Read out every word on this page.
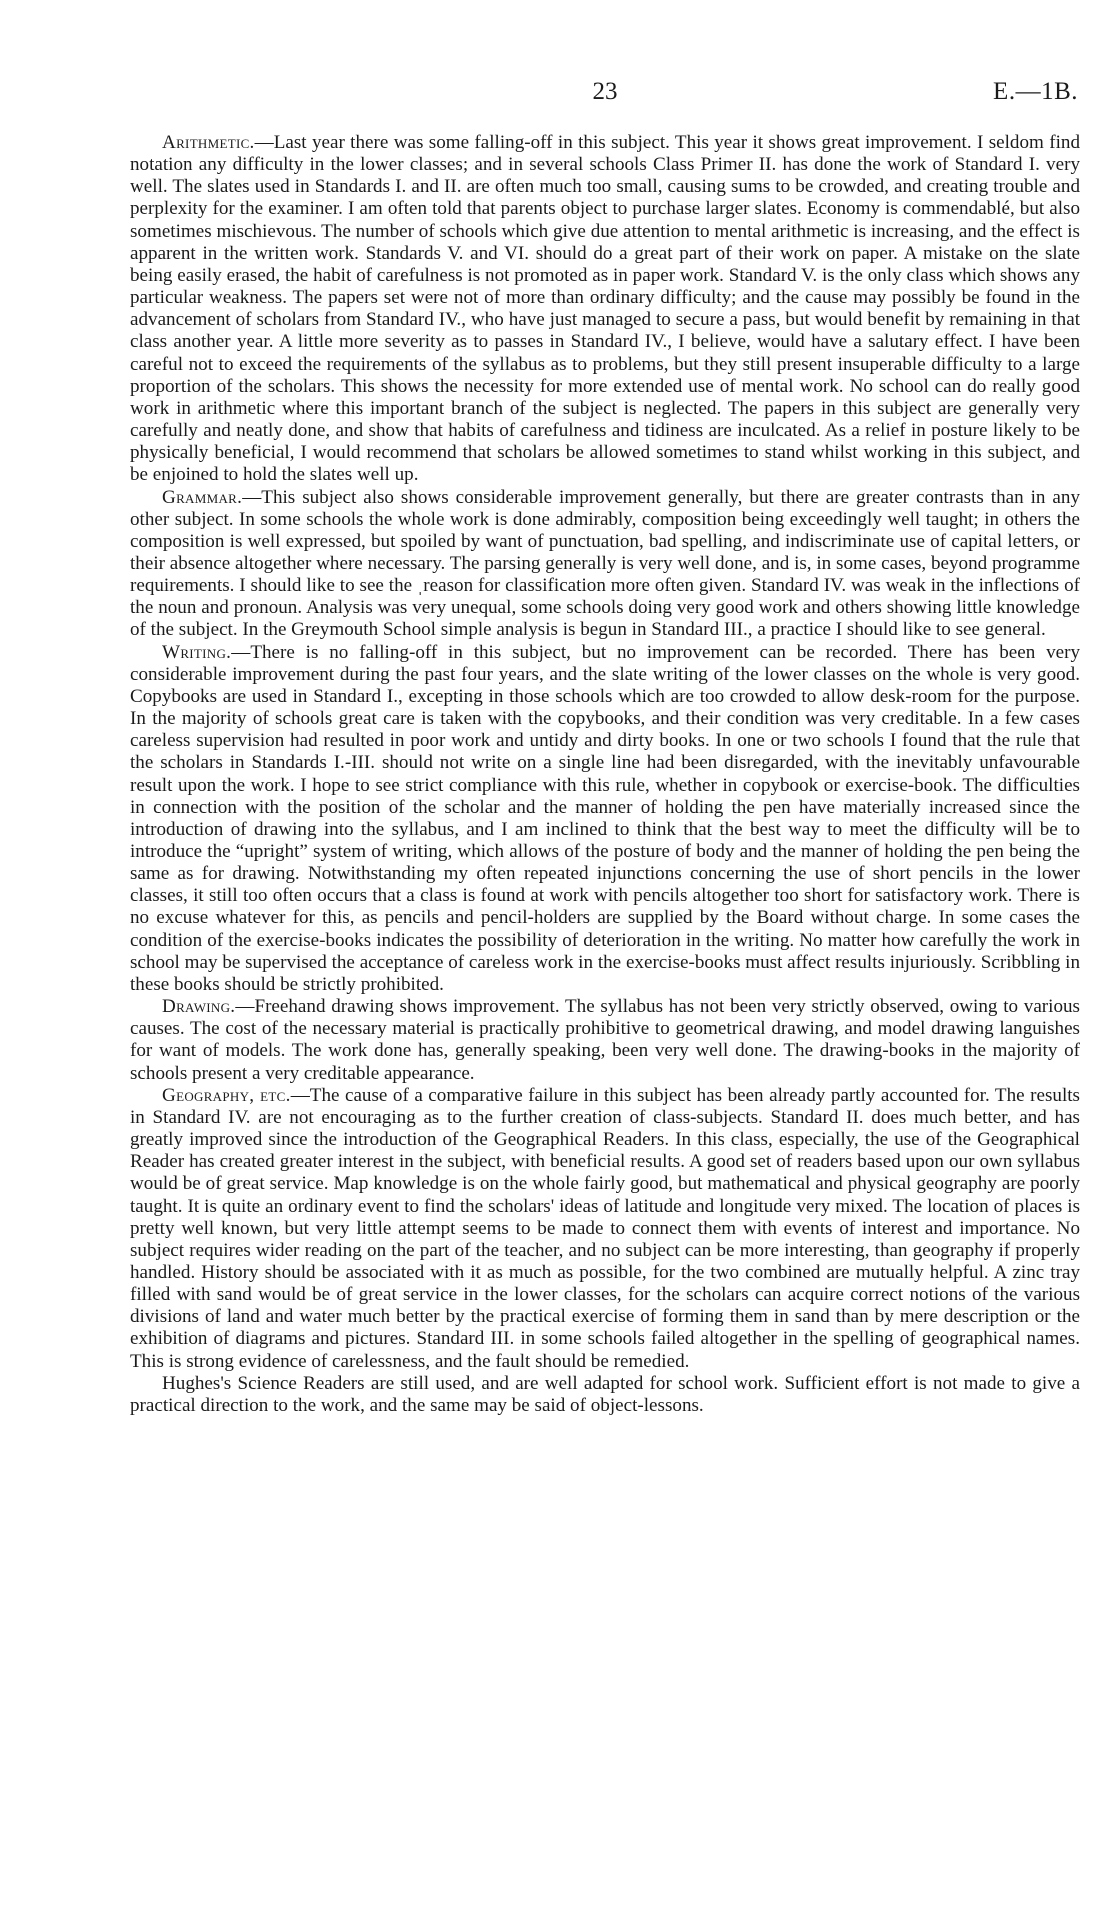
23	E.—1B.

Arithmetic.—Last year there was some falling-off in this subject. This year it shows great improvement. I seldom find notation any difficulty in the lower classes; and in several schools Class Primer II. has done the work of Standard I. very well. The slates used in Standards I. and II. are often much too small, causing sums to be crowded, and creating trouble and perplexity for the examiner. I am often told that parents object to purchase larger slates. Economy is commendablé, but also sometimes mischievous. The number of schools which give due attention to mental arithmetic is increasing, and the effect is apparent in the written work. Standards V. and VI. should do a great part of their work on paper. A mistake on the slate being easily erased, the habit of carefulness is not promoted as in paper work. Standard V. is the only class which shows any particular weakness. The papers set were not of more than ordinary difficulty; and the cause may possibly be found in the advancement of scholars from Standard IV., who have just managed to secure a pass, but would benefit by remaining in that class another year. A little more severity as to passes in Standard IV., I believe, would have a salutary effect. I have been careful not to exceed the requirements of the syllabus as to problems, but they still present insuperable difficulty to a large proportion of the scholars. This shows the necessity for more extended use of mental work. No school can do really good work in arithmetic where this important branch of the subject is neglected. The papers in this subject are generally very carefully and neatly done, and show that habits of carefulness and tidiness are inculcated. As a relief in posture likely to be physically beneficial, I would recommend that scholars be allowed sometimes to stand whilst working in this subject, and be enjoined to hold the slates well up.

Grammar.—This subject also shows considerable improvement generally, but there are greater contrasts than in any other subject. In some schools the whole work is done admirably, composition being exceedingly well taught; in others the composition is well expressed, but spoiled by want of punctuation, bad spelling, and indiscriminate use of capital letters, or their absence altogether where necessary. The parsing generally is very well done, and is, in some cases, beyond programme requirements. I should like to see the ˌreason for classification more often given. Standard IV. was weak in the inflections of the noun and pronoun. Analysis was very unequal, some schools doing very good work and others showing little knowledge of the subject. In the Greymouth School simple analysis is begun in Standard III., a practice I should like to see general.

Writing.—There is no falling-off in this subject, but no improvement can be recorded. There has been very considerable improvement during the past four years, and the slate writing of the lower classes on the whole is very good. Copybooks are used in Standard I., excepting in those schools which are too crowded to allow desk-room for the purpose. In the majority of schools great care is taken with the copybooks, and their condition was very creditable. In a few cases careless supervision had resulted in poor work and untidy and dirty books. In one or two schools I found that the rule that the scholars in Standards I.-III. should not write on a single line had been disregarded, with the inevitably unfavourable result upon the work. I hope to see strict compliance with this rule, whether in copybook or exercise-book. The difficulties in connection with the position of the scholar and the manner of holding the pen have materially increased since the introduction of drawing into the syllabus, and I am inclined to think that the best way to meet the difficulty will be to introduce the “upright” system of writing, which allows of the posture of body and the manner of holding the pen being the same as for drawing. Notwithstanding my often repeated injunctions concerning the use of short pencils in the lower classes, it still too often occurs that a class is found at work with pencils altogether too short for satisfactory work. There is no excuse whatever for this, as pencils and pencil-holders are supplied by the Board without charge. In some cases the condition of the exercise-books indicates the possibility of deterioration in the writing. No matter how carefully the work in school may be supervised the acceptance of careless work in the exercise-books must affect results injuriously. Scribbling in these books should be strictly prohibited.

Drawing.—Freehand drawing shows improvement. The syllabus has not been very strictly observed, owing to various causes. The cost of the necessary material is practically prohibitive to geometrical drawing, and model drawing languishes for want of models. The work done has, generally speaking, been very well done. The drawing-books in the majority of schools present a very creditable appearance.

Geography, etc.—The cause of a comparative failure in this subject has been already partly accounted for. The results in Standard IV. are not encouraging as to the further creation of class-subjects. Standard II. does much better, and has greatly improved since the introduction of the Geographical Readers. In this class, especially, the use of the Geographical Reader has created greater interest in the subject, with beneficial results. A good set of readers based upon our own syllabus would be of great service. Map knowledge is on the whole fairly good, but mathematical and physical geography are poorly taught. It is quite an ordinary event to find the scholars' ideas of latitude and longitude very mixed. The location of places is pretty well known, but very little attempt seems to be made to connect them with events of interest and importance. No subject requires wider reading on the part of the teacher, and no subject can be more interesting, than geography if properly handled. History should be associated with it as much as possible, for the two combined are mutually helpful. A zinc tray filled with sand would be of great service in the lower classes, for the scholars can acquire correct notions of the various divisions of land and water much better by the practical exercise of forming them in sand than by mere description or the exhibition of diagrams and pictures. Standard III. in some schools failed altogether in the spelling of geographical names. This is strong evidence of carelessness, and the fault should be remedied.

Hughes's Science Readers are still used, and are well adapted for school work. Sufficient effort is not made to give a practical direction to the work, and the same may be said of object-lessons.
